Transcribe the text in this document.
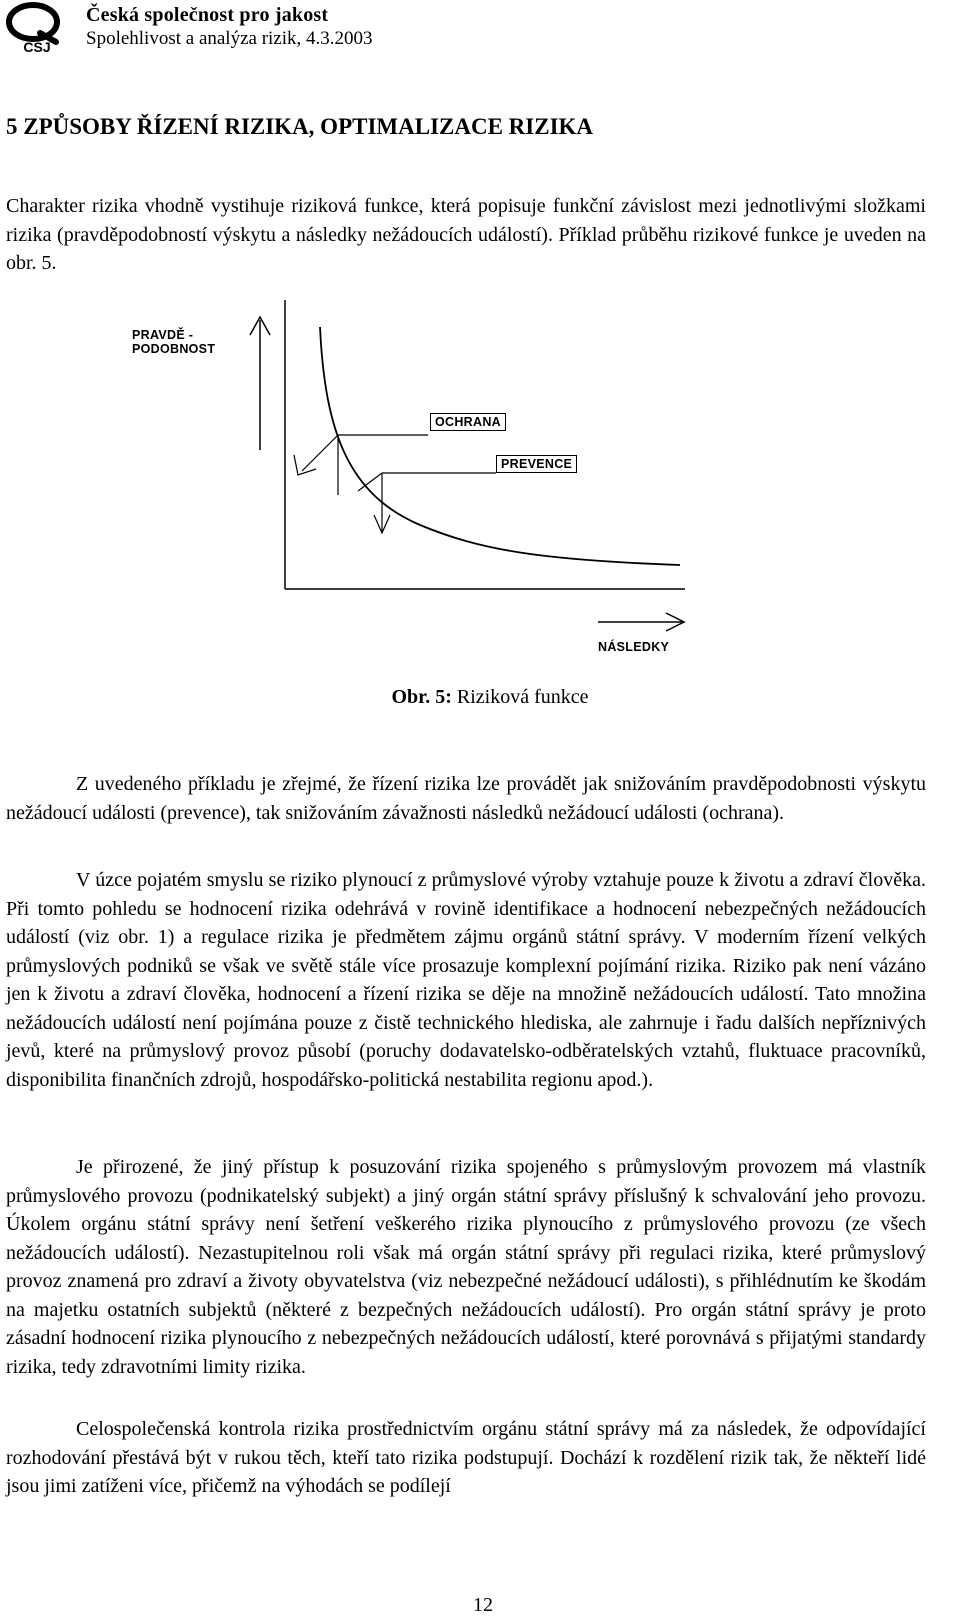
ČSJ
Česká společnost pro jakost
Spolehlivost a analýza rizik, 4.3.2003
5 ZPŮSOBY ŘÍZENÍ RIZIKA, OPTIMALIZACE RIZIKA

Charakter rizika vhodně vystihuje riziková funkce, která popisuje funkční závislost mezi jednotlivými složkami rizika (pravděpodobností výskytu a následky nežádoucích událostí). Příklad průběhu rizikové funkce je uveden na obr. 5.

PRAVDĚ -
PODOBNOST
OCHRANA
PREVENCE
NÁSLEDKY
Obr. 5: Riziková funkce

Z uvedeného příkladu je zřejmé, že řízení rizika lze provádět jak snižováním pravděpodobnosti výskytu nežádoucí události (prevence), tak snižováním závažnosti následků nežádoucí události (ochrana).

V úzce pojatém smyslu se riziko plynoucí z průmyslové výroby vztahuje pouze k životu a zdraví člověka. Při tomto pohledu se hodnocení rizika odehrává v rovině identifikace a hodnocení nebezpečných nežádoucích událostí (viz obr. 1) a regulace rizika je předmětem zájmu orgánů státní správy. V moderním řízení velkých průmyslových podniků se však ve světě stále více prosazuje komplexní pojímání rizika. Riziko pak není vázáno jen k životu a zdraví člověka, hodnocení a řízení rizika se děje na množině nežádoucích událostí. Tato množina nežádoucích událostí není pojímána pouze z čistě technického hlediska, ale zahrnuje i řadu dalších nepříznivých jevů, které na průmyslový provoz působí (poruchy dodavatelsko-odběratelských vztahů, fluktuace pracovníků, disponibilita finančních zdrojů, hospodářsko-politická nestabilita regionu apod.).

Je přirozené, že jiný přístup k posuzování rizika spojeného s průmyslovým provozem má vlastník průmyslového provozu (podnikatelský subjekt) a jiný orgán státní správy příslušný k schvalování jeho provozu. Úkolem orgánu státní správy není šetření veškerého rizika plynoucího z průmyslového provozu (ze všech nežádoucích událostí). Nezastupitelnou roli však má orgán státní správy při regulaci rizika, které průmyslový provoz znamená pro zdraví a životy obyvatelstva (viz nebezpečné nežádoucí události), s přihlédnutím ke škodám na majetku ostatních subjektů (některé z bezpečných nežádoucích událostí). Pro orgán státní správy je proto zásadní hodnocení rizika plynoucího z nebezpečných nežádoucích událostí, které porovnává s přijatými standardy rizika, tedy zdravotními limity rizika.

Celospolečenská kontrola rizika prostřednictvím orgánu státní správy má za následek, že odpovídající rozhodování přestává být v rukou těch, kteří tato rizika podstupují. Dochází k rozdělení rizik tak, že někteří lidé jsou jimi zatíženi více, přičemž na výhodách se podílejí

12
